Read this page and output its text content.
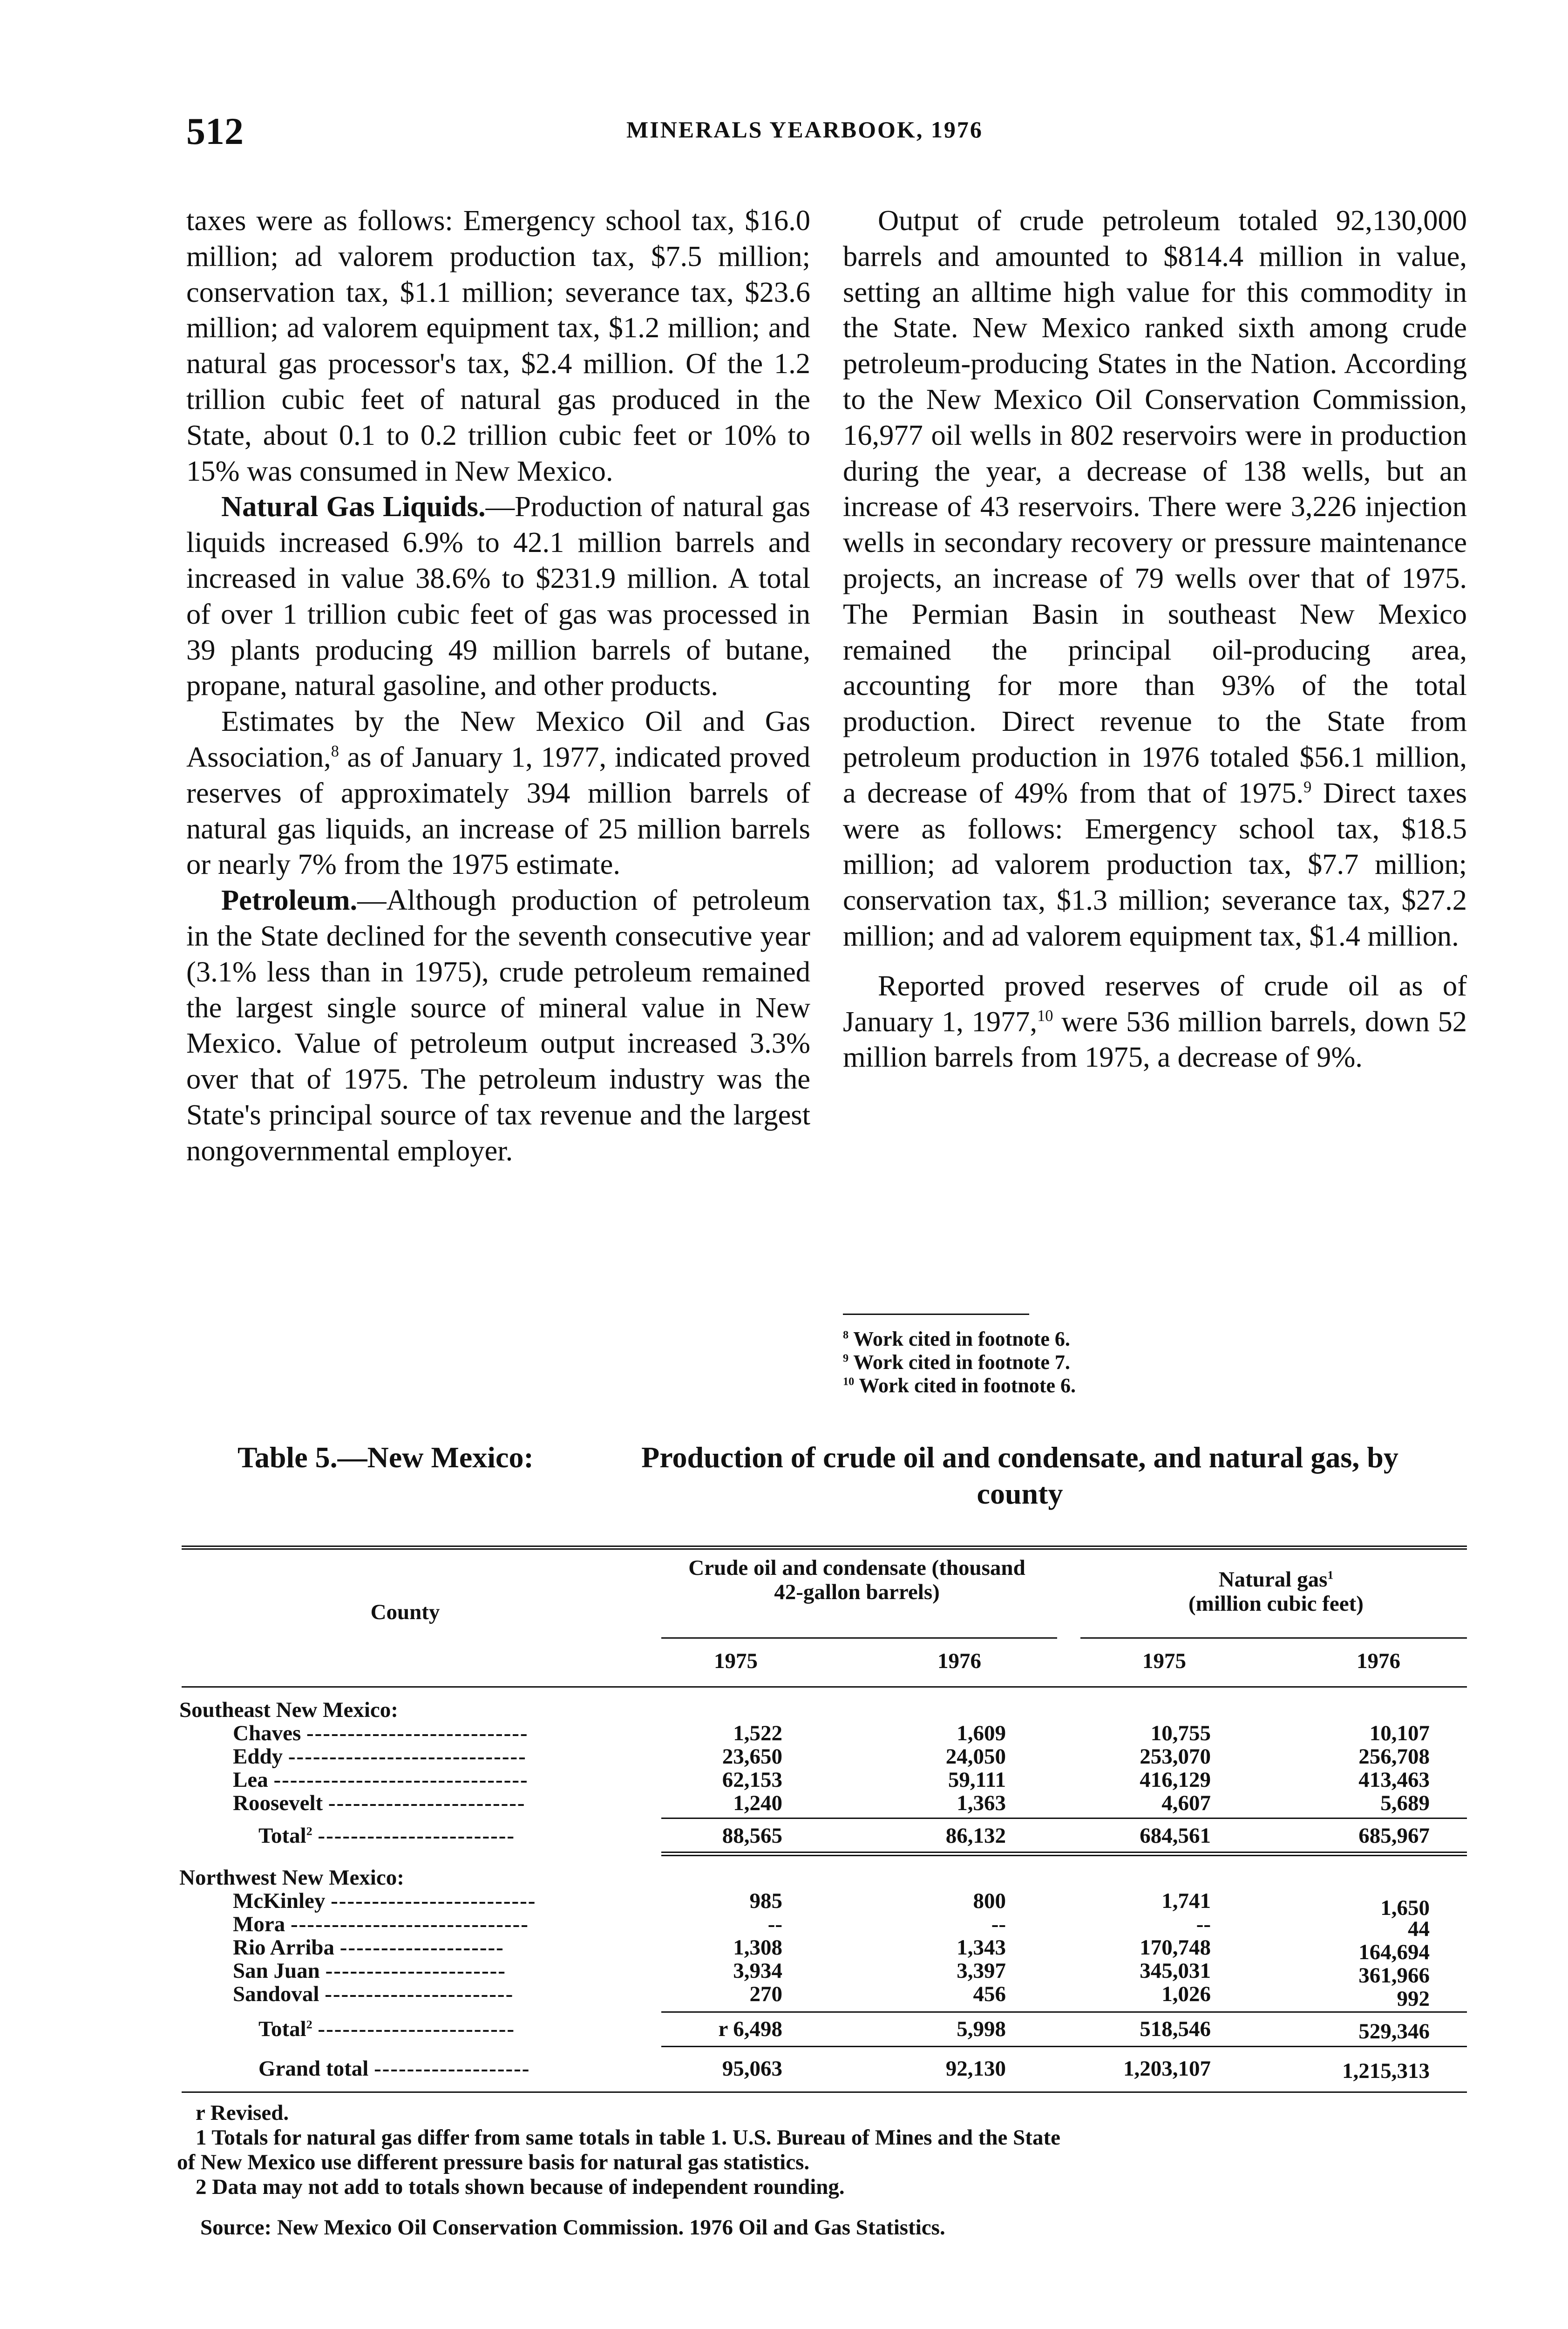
512	MINERALS YEARBOOK, 1976

taxes were as follows: Emergency school tax, $16.0 million; ad valorem production tax, $7.5 million; conservation tax, $1.1 million; severance tax, $23.6 million; ad valorem equipment tax, $1.2 million; and natural gas processor's tax, $2.4 million. Of the 1.2 trillion cubic feet of natural gas produced in the State, about 0.1 to 0.2 trillion cubic feet or 10% to 15% was consumed in New Mexico.

Natural Gas Liquids.—Production of natural gas liquids increased 6.9% to 42.1 million barrels and increased in value 38.6% to $231.9 million. A total of over 1 trillion cubic feet of gas was processed in 39 plants producing 49 million barrels of butane, propane, natural gasoline, and other products.

Estimates by the New Mexico Oil and Gas Association,$^8$ as of January 1, 1977, indicated proved reserves of approximately 394 million barrels of natural gas liquids, an increase of 25 million barrels or nearly 7% from the 1975 estimate.

Petroleum.—Although production of petroleum in the State declined for the seventh consecutive year (3.1% less than in 1975), crude petroleum remained the largest single source of mineral value in New Mexico. Value of petroleum output increased 3.3% over that of 1975. The petroleum industry was the State's principal source of tax revenue and the largest nongovernmental employer.

Output of crude petroleum totaled 92,130,000 barrels and amounted to $814.4 million in value, setting an alltime high value for this commodity in the State. New Mexico ranked sixth among crude petroleum-producing States in the Nation. According to the New Mexico Oil Conservation Commission, 16,977 oil wells in 802 reservoirs were in production during the year, a decrease of 138 wells, but an increase of 43 reservoirs. There were 3,226 injection wells in secondary recovery or pressure maintenance projects, an increase of 79 wells over that of 1975. The Permian Basin in southeast New Mexico remained the principal oil-producing area, accounting for more than 93% of the total production. Direct revenue to the State from petroleum production in 1976 totaled $56.1 million, a decrease of 49% from that of 1975.$^9$ Direct taxes were as follows: Emergency school tax, $18.5 million; ad valorem production tax, $7.7 million; conservation tax, $1.3 million; severance tax, $27.2 million; and ad valorem equipment tax, $1.4 million.

Reported proved reserves of crude oil as of January 1, 1977,10 were 536 million barrels, down 52 million barrels from 1975, a decrease of 9%.

$^8$ Work cited in footnote 6.
$^9$ Work cited in footnote 7.
$^{10}$ Work cited in footnote 6.
Table 5.—New Mexico:	Production of crude oil and condensate, and natural gas, by county
County
Crude oil and condensate (thousand 42-gallon barrels)
Natural gas$^1$
(million cubic feet)
1975	1976	1975	1976
Southeast New Mexico:
Chaves ---------------------------	1,522	1,609	10,755	10,107
Eddy -----------------------------	23,650	24,050	253,070	256,708
Lea -------------------------------	62,153	59,111	416,129	413,463
Roosevelt ------------------------	1,240	1,363	4,607	5,689
Total$^2$ ------------------------	88,565	86,132	684,561	685,967
Northwest New Mexico:
McKinley -------------------------	985	800	1,741	1,650
Mora -----------------------------	--	--	--	44
Rio Arriba --------------------	1,308	1,343	170,748	164,694
San Juan ----------------------	3,934	3,397	345,031	361,966
Sandoval -----------------------	270	456	1,026	992
Total$^2$ ------------------------	r 6,498	5,998	518,546	529,346
Grand total -------------------	95,063	92,130	1,203,107	1,215,313
r Revised.
1 Totals for natural gas differ from same totals in table 1. U.S. Bureau of Mines and the State
of New Mexico use different pressure basis for natural gas statistics.
2 Data may not add to totals shown because of independent rounding.
Source: New Mexico Oil Conservation Commission. 1976 Oil and Gas Statistics.
